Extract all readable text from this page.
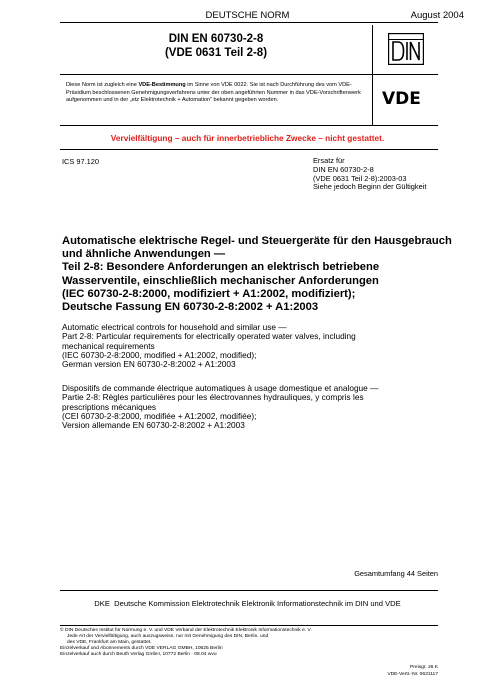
DEUTSCHE NORM	August 2004
DIN EN 60730-2-8
(VDE 0631 Teil 2-8)
Diese Norm ist zugleich eine VDE-Bestimmung im Sinne von VDE 0022. Sie ist nach Durchführung des vom VDE-Präsidium beschlossenen Genehmigungsverfahrens unter der oben angeführten Nummer in das VDE-Vorschriftenwerk aufgenommen und in der „etz Elektrotechnik + Automation“ bekannt gegeben worden.	VDE
Vervielfältigung – auch für innerbetriebliche Zwecke – nicht gestattet.
ICS 97.120	Ersatz für
DIN EN 60730-2-8
(VDE 0631 Teil 2-8):2003-03
Siehe jedoch Beginn der Gültigkeit
Automatische elektrische Regel- und Steuergeräte für den Hausgebrauch
und ähnliche Anwendungen —
Teil 2-8: Besondere Anforderungen an elektrisch betriebene
Wasserventile, einschließlich mechanischer Anforderungen
(IEC 60730-2-8:2000, modifiziert + A1:2002, modifiziert);
Deutsche Fassung EN 60730-2-8:2002 + A1:2003
Automatic electrical controls for household and similar use —
Part 2-8: Particular requirements for electrically operated water valves, including
mechanical requirements
(IEC 60730-2-8:2000, modified + A1:2002, modified);
German version EN 60730-2-8:2002 + A1:2003
Dispositifs de commande électrique automatiques à usage domestique et analogue —
Partie 2-8: Règles particulières pour les électrovannes hydrauliques, y compris les
prescriptions mécaniques
(CEI 60730-2-8:2000, modifiée + A1:2002, modifiée);
Version allemande EN 60730-2-8:2002 + A1:2003
Gesamtumfang 44 Seiten
DKE Deutsche Kommission Elektrotechnik Elektronik Informationstechnik im DIN und VDE
© DIN Deutsches Institut für Normung e. V. und VDE Verband der Elektrotechnik Elektronik Informationstechnik e. V.
Jede Art der Vervielfältigung, auch auszugsweise, nur mit Genehmigung des DIN, Berlin, und
des VDE, Frankfurt am Main, gestattet.
Einzelverkauf und Abonnements durch VDE VERLAG GMBH, 10625 Berlin
Einzelverkauf auch durch Beuth Verlag GmbH, 10772 Berlin · 08.04 wvu
Preisgr. 26 K
VDE-Vertr.-Nr. 0631117
